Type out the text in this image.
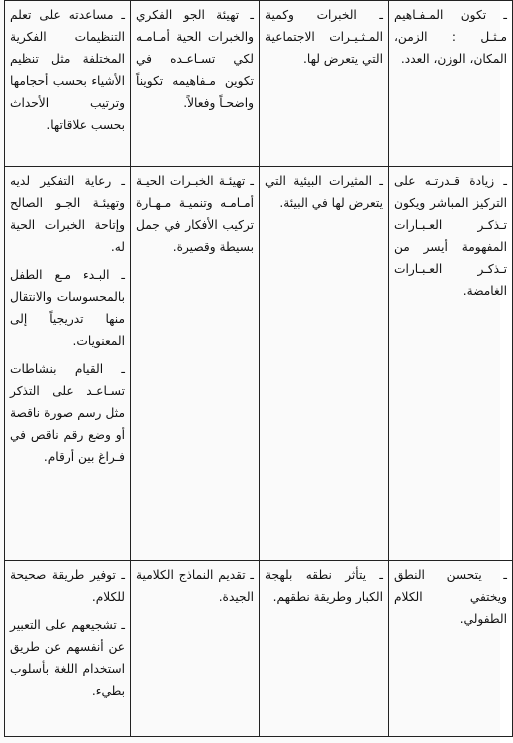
ـ تكون المـفـاهيم مـثـل : الزمن، المكان، الوزن، العدد.	ـ الخبرات وكمية المـثـيـرات الاجتماعية التي يتعرض لها.	ـ تهيئة الجو الفكري والخبرات الحية أمـامـه لكي تسـاعـده في تكوين مـفاهيمه تكويناً واضحـاً وفعالاً.	ـ مساعدته على تعلم التنظيمات الفكرية المختلفة مثل تنظيم الأشياء بحسب أحجامها وترتيب الأحداث بحسب علاقاتها.

ـ زيادة قـدرتـه على التركيز المباشر ويكون تـذكـر العـبـارات المفهومة أيسر من تـذكـر العـبـارات الغامضة.	ـ المثيرات البيئية التي يتعرض لها في البيئة.	ـ تهيئـة الخبـرات الحيـة أمـامـه وتنميـة مـهـارة تركيب الأفكار في جمل بسيطة وقصيرة.	ـ رعاية التفكير لديه وتهيئـة الجـو الصالح وإتاحة الخبرات الحية له.
ـ البـدء مـع الطفل بالمحسوسات والانتقال منها تدريجياً إلى المعنويات.
ـ القيام بنشاطات تسـاعـد على التذكر مثل رسم صورة ناقصة أو وضع رقم ناقص في فـراغ بين أرقام.

ـ يتحسن النطق ويختفي الكلام الطفولي.	ـ يتأثر نطقه بلهجة الكبار وطريقة نطقهم.	ـ تقديم النماذج الكلامية الجيدة.	ـ توفير طريقة صحيحة للكلام.
ـ تشجيعهم على التعبير عن أنفسهم عن طريق استخدام اللغة بأسلوب بطيء.
